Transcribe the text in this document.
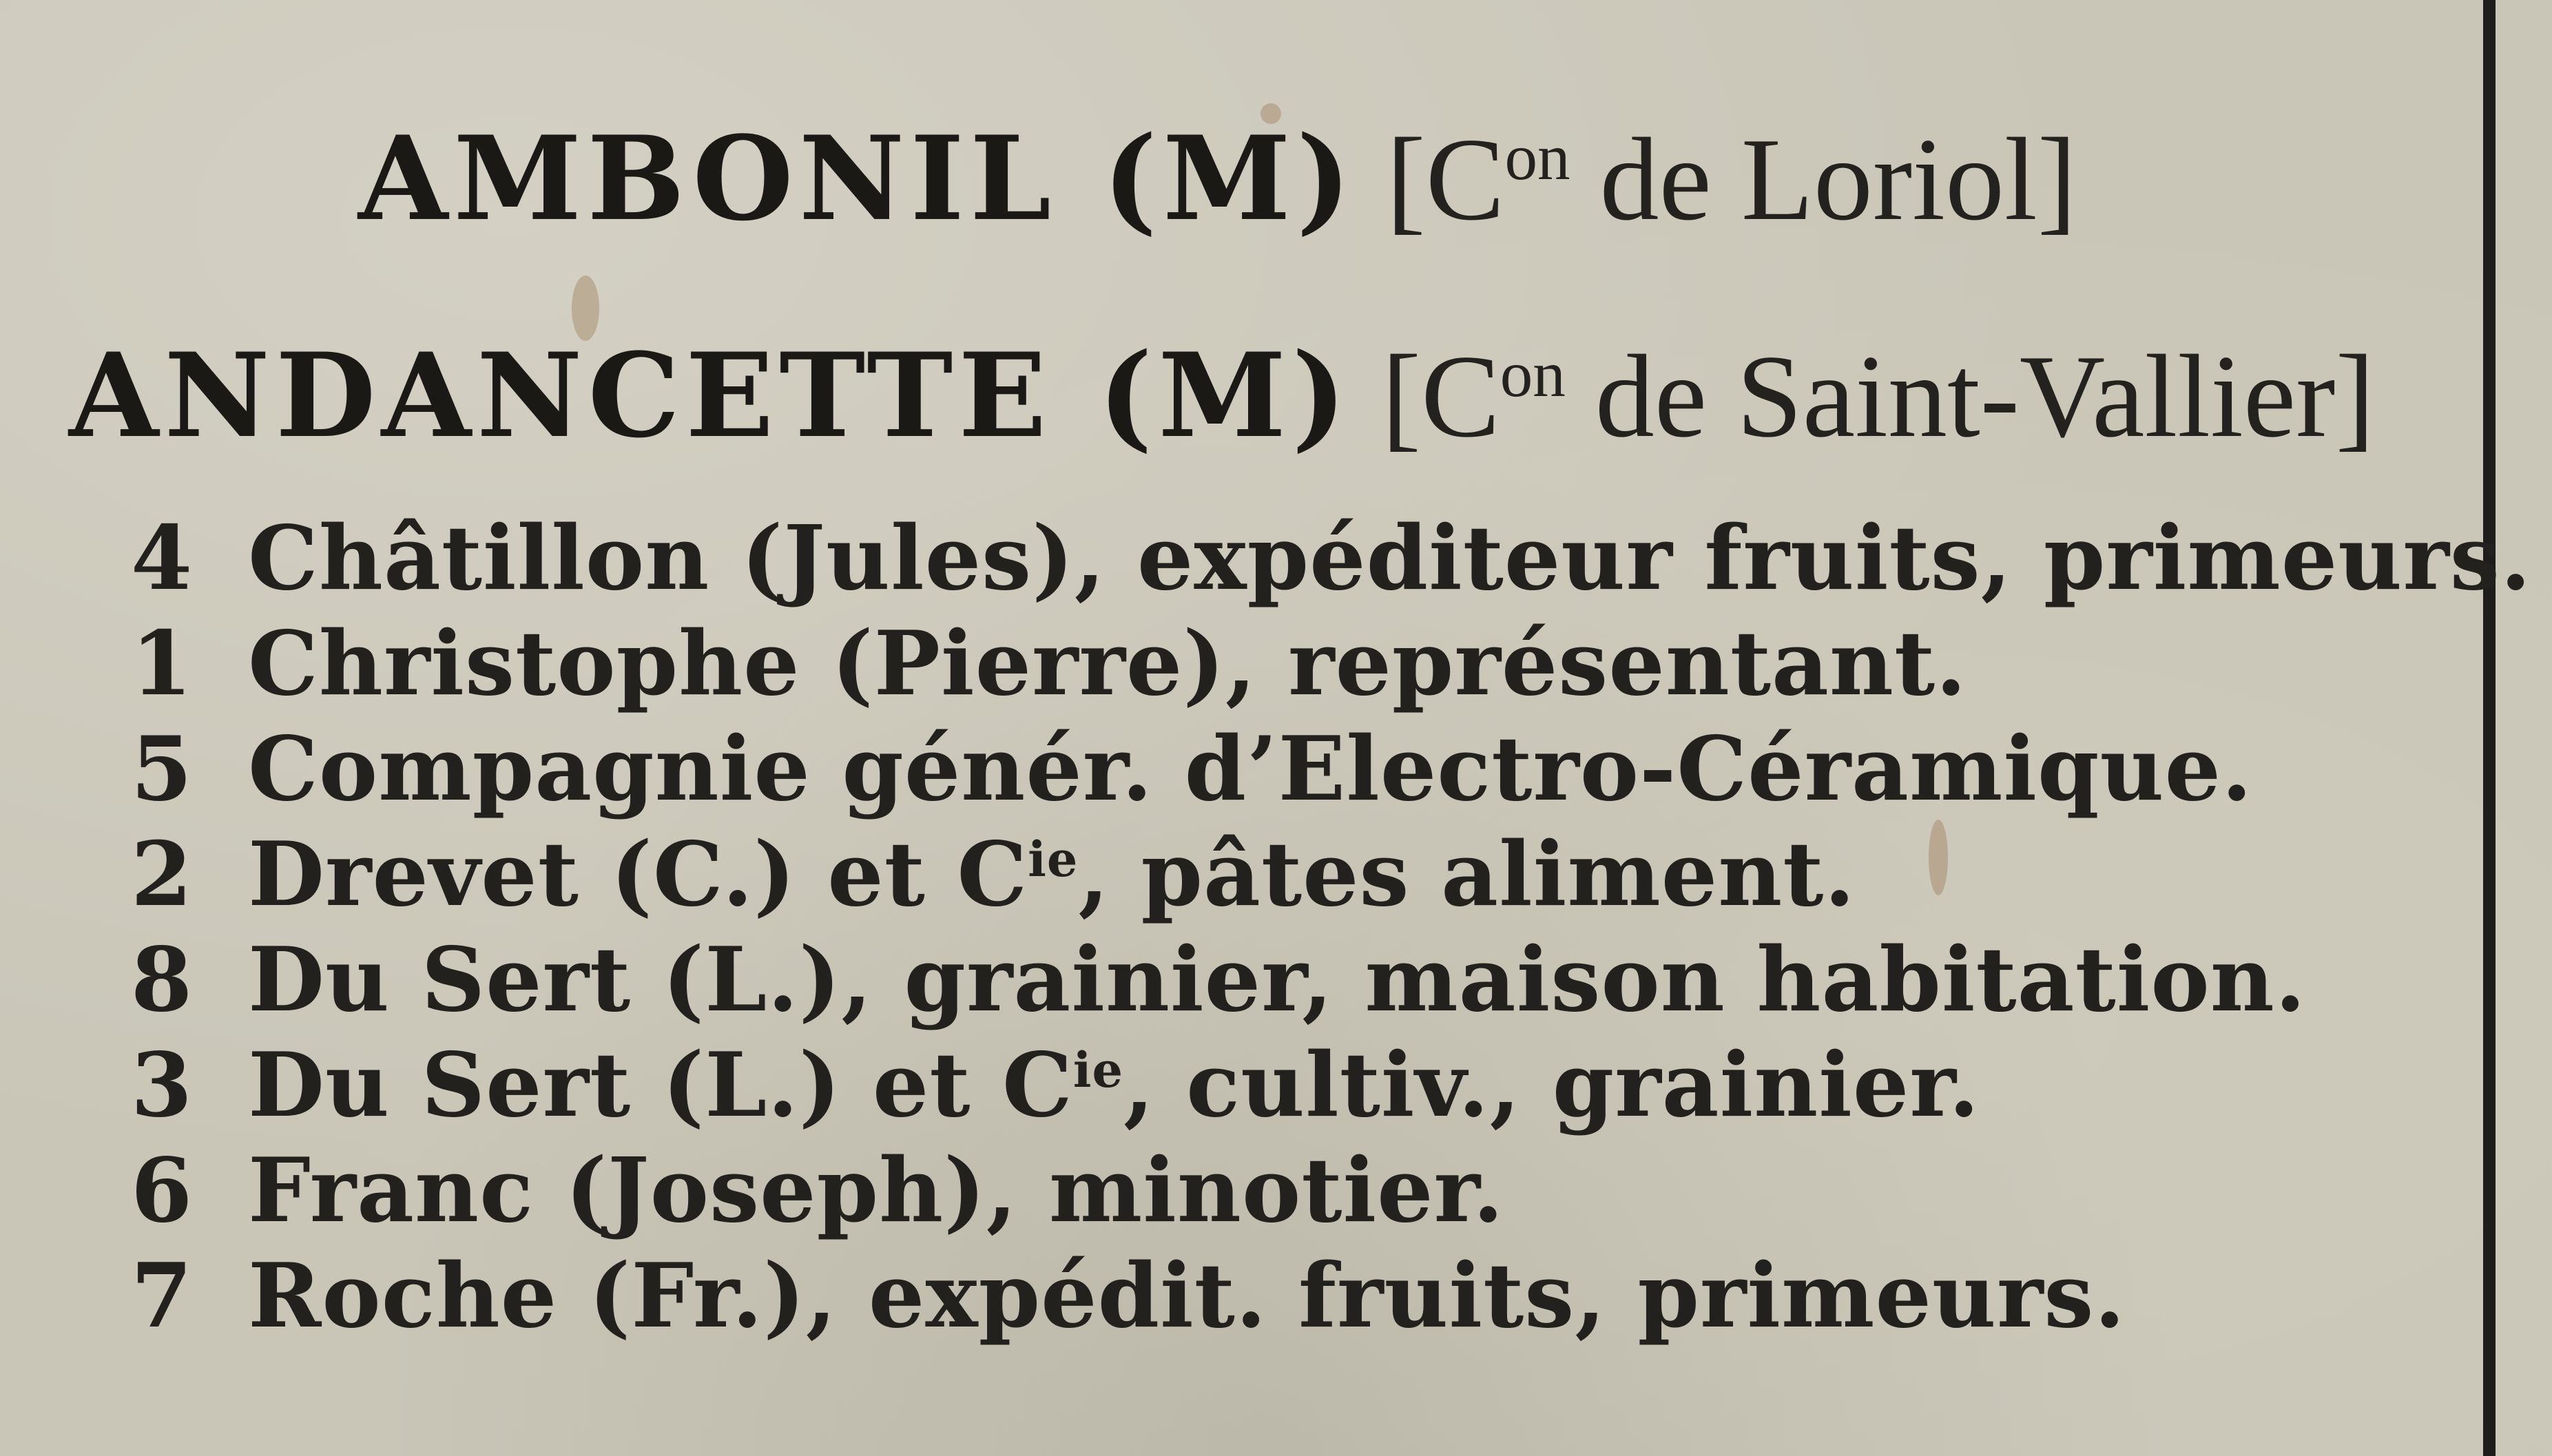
AMBONIL (M) [$C^{on}$ de Loriol]
ANDANCETTE (M) [$C^{on}$ de Saint-Vallier]
4 Châtillon (Jules), expéditeur fruits, primeurs.
1 Christophe (Pierre), représentant.
5 Compagnie génér. d’Electro-Céramique.
2 Drevet (C.) et $C^{ie}$, pâtes aliment.
8 Du Sert (L.), grainier, maison habitation.
3 Du Sert (L.) et $C^{ie}$, cultiv., grainier.
6 Franc (Joseph), minotier.
7 Roche (Fr.), expédit. fruits, primeurs.
